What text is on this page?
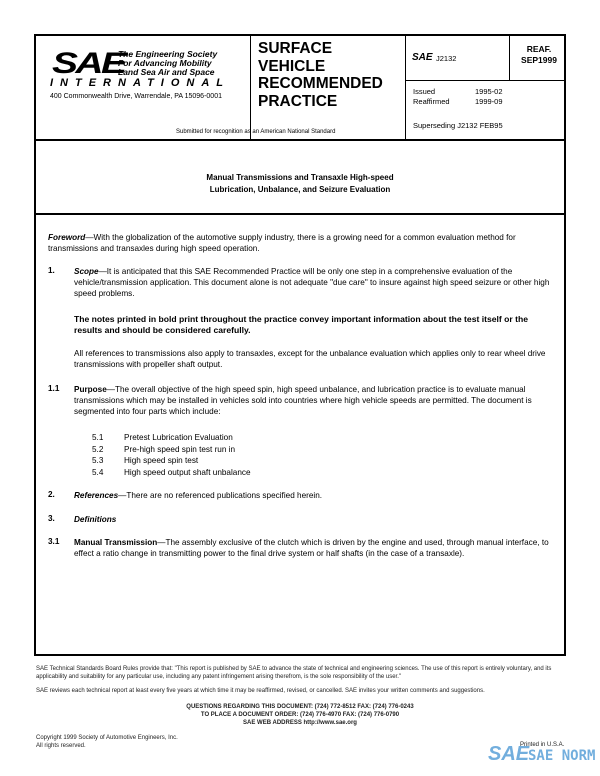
SAE
The Engineering Society
For Advancing Mobility
Land Sea Air and Space
INTERNATIONAL
400 Commonwealth Drive, Warrendale, PA 15096-0001
SURFACE
VEHICLE
RECOMMENDED
PRACTICE
Submitted for recognition as an American National Standard
SAE J2132
REAF.
SEP1999
Issued	1995-02
Reaffirmed	1999-09
Superseding J2132 FEB95
Manual Transmissions and Transaxle High-speed
Lubrication, Unbalance, and Seizure Evaluation
Foreword—With the globalization of the automotive supply industry, there is a growing need for a common evaluation method for transmissions and transaxles during high speed operation.
1. Scope—It is anticipated that this SAE Recommended Practice will be only one step in a comprehensive evaluation of the vehicle/transmission application. This document alone is not adequate "due care" to insure against high speed seizure or other high speed problems.
The notes printed in bold print throughout the practice convey important information about the test itself or the results and should be considered carefully.
All references to transmissions also apply to transaxles, except for the unbalance evaluation which applies only to rear wheel drive transmissions with propeller shaft output.
1.1 Purpose—The overall objective of the high speed spin, high speed unbalance, and lubrication practice is to evaluate manual transmissions which may be installed in vehicles sold into countries where high vehicle speeds are permitted. The document is segmented into four parts which include:
5.1	Pretest Lubrication Evaluation
5.2	Pre-high speed spin test run in
5.3	High speed spin test
5.4	High speed output shaft unbalance
2. References—There are no referenced publications specified herein.
3. Definitions
3.1 Manual Transmission—The assembly exclusive of the clutch which is driven by the engine and used, through manual interface, to effect a ratio change in transmitting power to the final drive system or half shafts (in the case of a transaxle).
SAE Technical Standards Board Rules provide that: "This report is published by SAE to advance the state of technical and engineering sciences. The use of this report is entirely voluntary, and its applicability and suitability for any particular use, including any patent infringement arising therefrom, is the sole responsibility of the user."
SAE reviews each technical report at least every five years at which time it may be reaffirmed, revised, or cancelled. SAE invites your written comments and suggestions.
QUESTIONS REGARDING THIS DOCUMENT: (724) 772-8512 FAX: (724) 776-0243
TO PLACE A DOCUMENT ORDER: (724) 776-4970 FAX: (724) 776-0790
SAE WEB ADDRESS http://www.sae.org
Copyright 1999 Society of Automotive Engineers, Inc.
All rights reserved.	Printed in U.S.A.
SAE
SAE NORM
